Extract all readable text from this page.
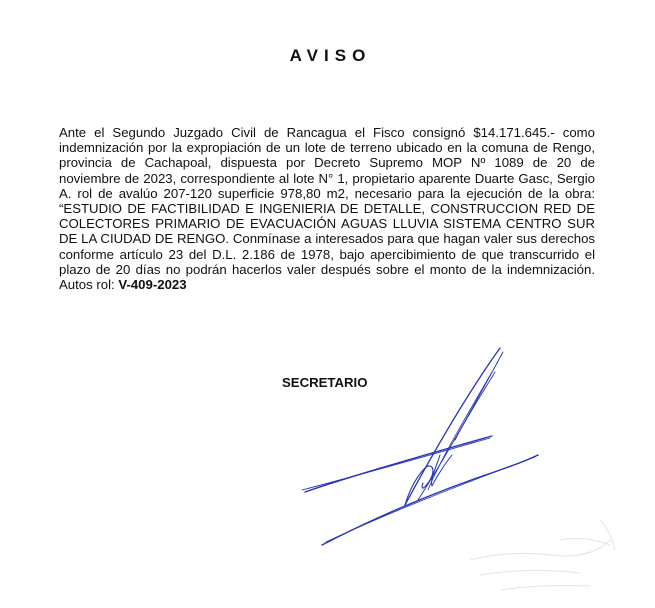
AVISO

Ante el Segundo Juzgado Civil de Rancagua el Fisco consignó $14.171.645.- como indemnización por la expropiación de un lote de terreno ubicado en la comuna de Rengo, provincia de Cachapoal, dispuesta por Decreto Supremo MOP Nº 1089 de 20 de noviembre de 2023, correspondiente al lote N° 1, propietario aparente Duarte Gasc, Sergio A. rol de avalúo 207-120 superficie 978,80 m2, necesario para la ejecución de la obra: “ESTUDIO DE FACTIBILIDAD E INGENIERIA DE DETALLE, CONSTRUCCION RED DE COLECTORES PRIMARIO DE EVACUACIÓN AGUAS LLUVIA SISTEMA CENTRO SUR DE LA CIUDAD DE RENGO. Conmínase a interesados para que hagan valer sus derechos conforme artículo 23 del D.L. 2.186 de 1978, bajo apercibimiento de que transcurrido el plazo de 20 días no podrán hacerlos valer después sobre el monto de la indemnización. Autos rol: V-409-2023

SECRETARIO
